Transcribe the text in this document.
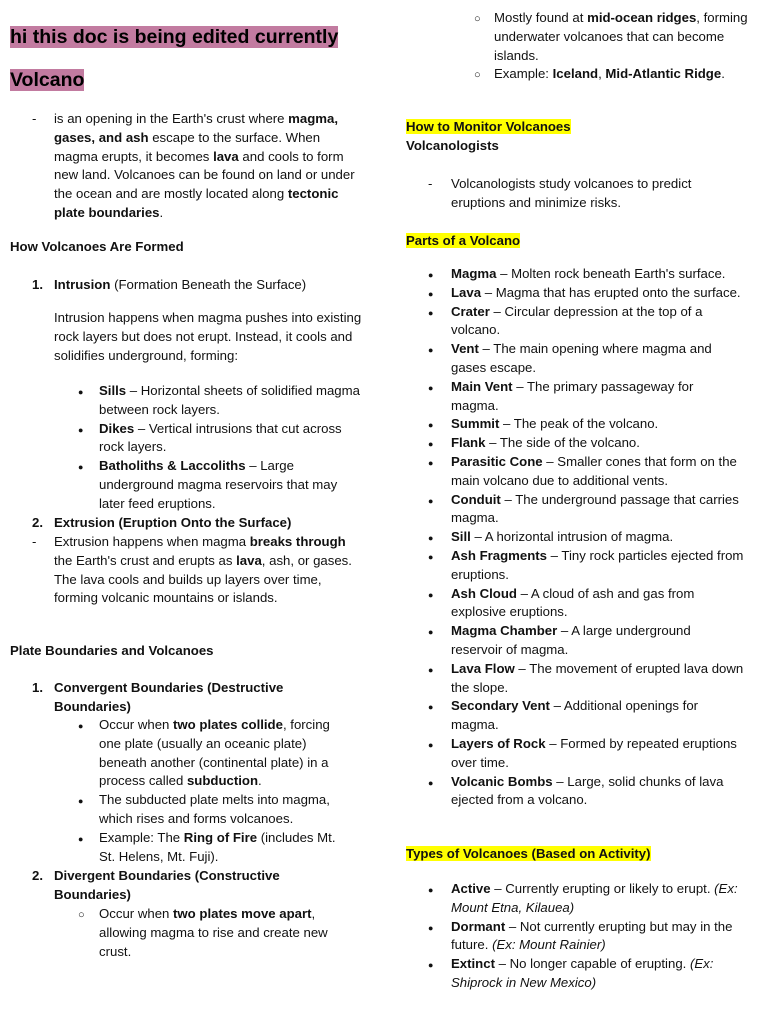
hi this doc is being edited currently
Volcano
- is an opening in the Earth's crust where magma, gases, and ash escape to the surface. When magma erupts, it becomes lava and cools to form new land. Volcanoes can be found on land or under the ocean and are mostly located along tectonic plate boundaries.

How Volcanoes Are Formed
1. Intrusion (Formation Beneath the Surface)

Intrusion happens when magma pushes into existing rock layers but does not erupt. Instead, it cools and solidifies underground, forming:
●

Sills – Horizontal sheets of solidified magma between rock layers.

●

Dikes – Vertical intrusions that cut across rock layers.

●

Batholiths & Laccoliths – Large underground magma reservoirs that may later feed eruptions.

2. Extrusion (Eruption Onto the Surface)

- Extrusion happens when magma breaks through the Earth's crust and erupts as lava, ash, or gases. The lava cools and builds up layers over time, forming volcanic mountains or islands.

Plate Boundaries and Volcanoes
1. Convergent Boundaries (Destructive Boundaries)

●

Occur when two plates collide, forcing one plate (usually an oceanic plate) beneath another (continental plate) in a process called subduction.

●

The subducted plate melts into magma, which rises and forms volcanoes.

●

Example: The Ring of Fire (includes Mt. St. Helens, Mt. Fuji).

2. Divergent Boundaries (Constructive Boundaries)

○

Occur when two plates move apart, allowing magma to rise and create new crust.

○

Mostly found at mid-ocean ridges, forming underwater volcanoes that can become islands.

○

Example: Iceland, Mid-Atlantic Ridge.

How to Monitor Volcanoes
Volcanologists
- Volcanologists study volcanoes to predict eruptions and minimize risks.

Parts of a Volcano
●

Magma – Molten rock beneath Earth's surface.

●

Lava – Magma that has erupted onto the surface.

●

Crater – Circular depression at the top of a volcano.

●

Vent – The main opening where magma and gases escape.

●

Main Vent – The primary passageway for magma.

●

Summit – The peak of the volcano.

●

Flank – The side of the volcano.

●

Parasitic Cone – Smaller cones that form on the main volcano due to additional vents.

●

Conduit – The underground passage that carries magma.

●

Sill – A horizontal intrusion of magma.

●

Ash Fragments – Tiny rock particles ejected from eruptions.

●

Ash Cloud – A cloud of ash and gas from explosive eruptions.

●

Magma Chamber – A large underground reservoir of magma.

●

Lava Flow – The movement of erupted lava down the slope.

●

Secondary Vent – Additional openings for magma.

●

Layers of Rock – Formed by repeated eruptions over time.

●

Volcanic Bombs – Large, solid chunks of lava ejected from a volcano.

Types of Volcanoes (Based on Activity)
●

Active – Currently erupting or likely to erupt. (Ex: Mount Etna, Kilauea)

●

Dormant – Not currently erupting but may in the future. (Ex: Mount Rainier)

●

Extinct – No longer capable of erupting. (Ex: Shiprock in New Mexico)
